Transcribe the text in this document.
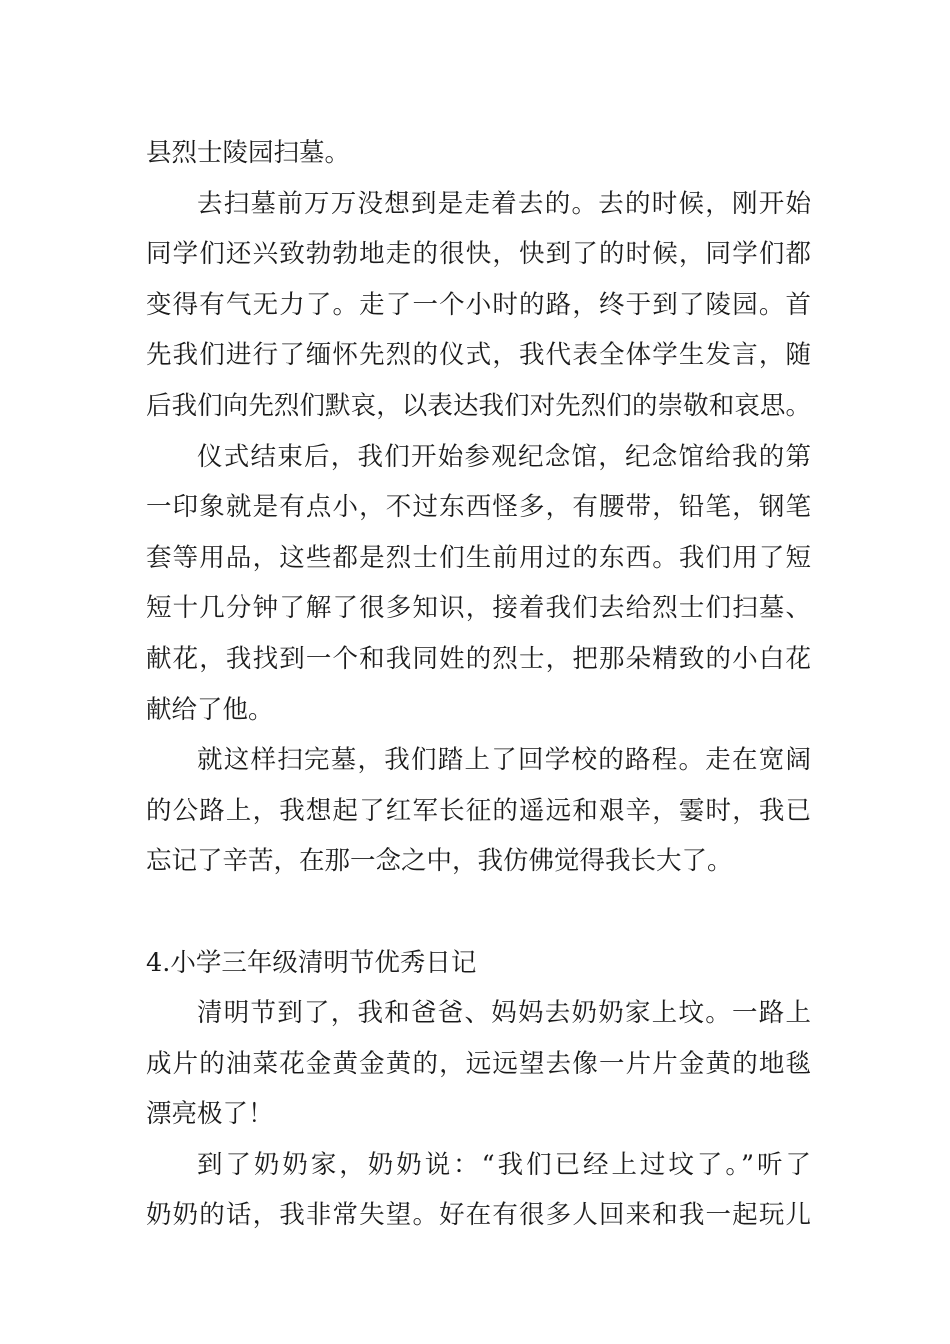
县烈士陵园扫墓。
去扫墓前万万没想到是走着去的。去的时候，刚开始
同学们还兴致勃勃地走的很快，快到了的时候，同学们都
变得有气无力了。走了一个小时的路，终于到了陵园。首
先我们进行了缅怀先烈的仪式，我代表全体学生发言，随
后我们向先烈们默哀，以表达我们对先烈们的崇敬和哀思。
仪式结束后，我们开始参观纪念馆，纪念馆给我的第
一印象就是有点小，不过东西怪多，有腰带，铅笔，钢笔
套等用品，这些都是烈士们生前用过的东西。我们用了短
短十几分钟了解了很多知识，接着我们去给烈士们扫墓、
献花，我找到一个和我同姓的烈士，把那朵精致的小白花
献给了他。
就这样扫完墓，我们踏上了回学校的路程。走在宽阔
的公路上，我想起了红军长征的遥远和艰辛，霎时，我已
忘记了辛苦，在那一念之中，我仿佛觉得我长大了。
4.小学三年级清明节优秀日记
清明节到了，我和爸爸、妈妈去奶奶家上坟。一路上
成片的油菜花金黄金黄的，远远望去像一片片金黄的地毯
漂亮极了！
到了奶奶家，奶奶说：“我们已经上过坟了。”听了
奶奶的话，我非常失望。好在有很多人回来和我一起玩儿
